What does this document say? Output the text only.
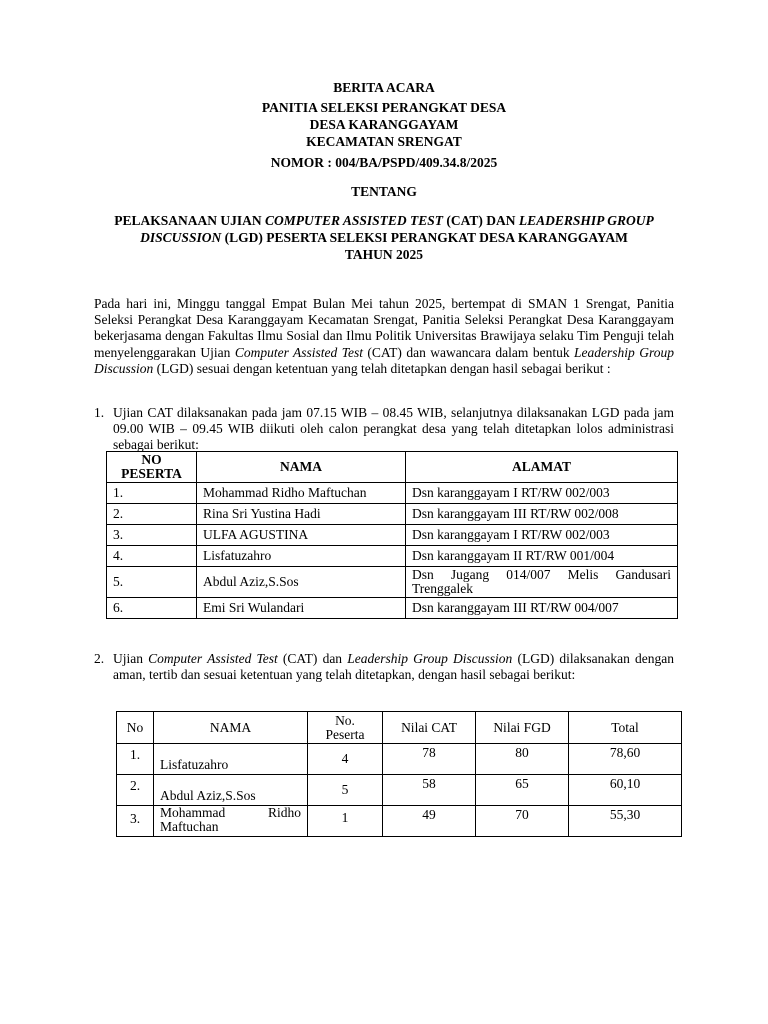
BERITA ACARA
PANITIA SELEKSI PERANGKAT DESA
DESA KARANGGAYAM
KECAMATAN SRENGAT
NOMOR : 004/BA/PSPD/409.34.8/2025
TENTANG
PELAKSANAAN UJIAN COMPUTER ASSISTED TEST (CAT) DAN LEADERSHIP GROUP DISCUSSION (LGD) PESERTA SELEKSI PERANGKAT DESA KARANGGAYAM
TAHUN 2025
Pada hari ini, Minggu tanggal Empat Bulan Mei tahun 2025, bertempat di SMAN 1 Srengat, Panitia Seleksi Perangkat Desa Karanggayam Kecamatan Srengat, Panitia Seleksi Perangkat Desa Karanggayam bekerjasama dengan Fakultas Ilmu Sosial dan Ilmu Politik Universitas Brawijaya selaku Tim Penguji telah menyelenggarakan Ujian Computer Assisted Test (CAT) dan wawancara dalam bentuk Leadership Group Discussion (LGD) sesuai dengan ketentuan yang telah ditetapkan dengan hasil sebagai berikut :
1. Ujian CAT dilaksanakan pada jam 07.15 WIB – 08.45 WIB, selanjutnya dilaksanakan LGD pada jam 09.00 WIB – 09.45 WIB diikuti oleh calon perangkat desa yang telah ditetapkan lolos administrasi sebagai berikut:
NO PESERTA	NAMA	ALAMAT
1.	Mohammad Ridho Maftuchan	Dsn karanggayam I RT/RW 002/003
2.	Rina Sri Yustina Hadi	Dsn karanggayam III RT/RW 002/008
3.	ULFA AGUSTINA	Dsn karanggayam I RT/RW 002/003
4.	Lisfatuzahro	Dsn karanggayam II RT/RW 001/004
5.	Abdul Aziz,S.Sos	Dsn Jugang 014/007 Melis Gandusari Trenggalek
6.	Emi Sri Wulandari	Dsn karanggayam III RT/RW 004/007
2. Ujian Computer Assisted Test (CAT) dan Leadership Group Discussion (LGD) dilaksanakan dengan aman, tertib dan sesuai ketentuan yang telah ditetapkan, dengan hasil sebagai berikut:
No	NAMA	No. Peserta	Nilai CAT	Nilai FGD	Total
1.	Lisfatuzahro	4	78	80	78,60
2.	Abdul Aziz,S.Sos	5	58	65	60,10
3.	Mohammad Ridho Maftuchan	1	49	70	55,30
